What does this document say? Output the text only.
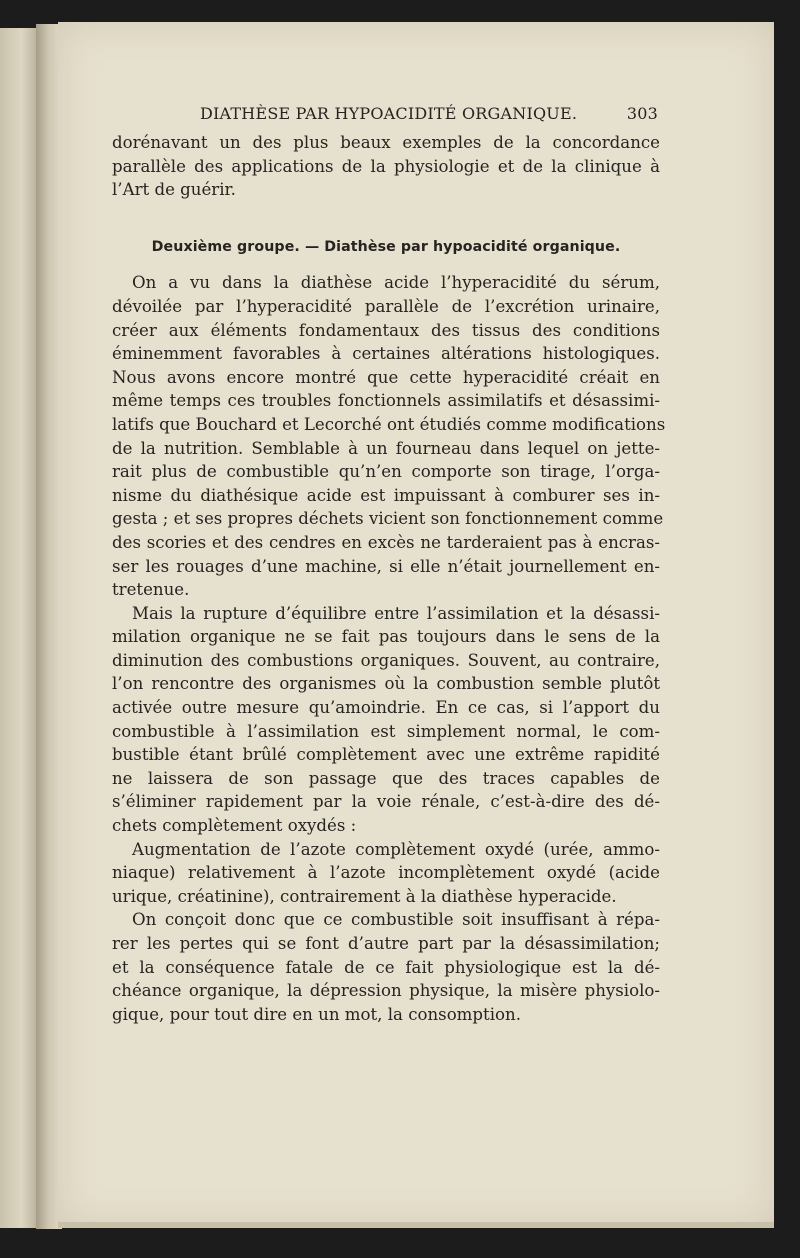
DIATHÈSE PAR HYPOACIDITÉ ORGANIQUE.	303
dorénavant un des plus beaux exemples de la concordance
parallèle des applications de la physiologie et de la clinique à
l’Art de guérir.
Deuxième groupe. — Diathèse par hypoacidité organique.
On a vu dans la diathèse acide l’hyperacidité du sérum,
dévoilée par l’hyperacidité parallèle de l’excrétion urinaire,
créer aux éléments fondamentaux des tissus des conditions
éminemment favorables à certaines altérations histologiques.
Nous avons encore montré que cette hyperacidité créait en
même temps ces troubles fonctionnels assimilatifs et désassimi-
latifs que Bouchard et Lecorché ont étudiés comme modifications
de la nutrition. Semblable à un fourneau dans lequel on jette-
rait plus de combustible qu’n’en comporte son tirage, l’orga-
nisme du diathésique acide est impuissant à comburer ses in-
gesta ; et ses propres déchets vicient son fonctionnement comme
des scories et des cendres en excès ne tarderaient pas à encras-
ser les rouages d’une machine, si elle n’était journellement en-
tretenue.
Mais la rupture d’équilibre entre l’assimilation et la désassi-
milation organique ne se fait pas toujours dans le sens de la
diminution des combustions organiques. Souvent, au contraire,
l’on rencontre des organismes où la combustion semble plutôt
activée outre mesure qu’amoindrie. En ce cas, si l’apport du
combustible à l’assimilation est simplement normal, le com-
bustible étant brûlé complètement avec une extrême rapidité
ne laissera de son passage que des traces capables de
s’éliminer rapidement par la voie rénale, c’est-à-dire des dé-
chets complètement oxydés :
Augmentation de l’azote complètement oxydé (urée, ammo-
niaque) relativement à l’azote incomplètement oxydé (acide
urique, créatinine), contrairement à la diathèse hyperacide.
On conçoit donc que ce combustible soit insuffisant à répa-
rer les pertes qui se font d’autre part par la désassimilation;
et la conséquence fatale de ce fait physiologique est la dé-
chéance organique, la dépression physique, la misère physiolo-
gique, pour tout dire en un mot, la consomption.
